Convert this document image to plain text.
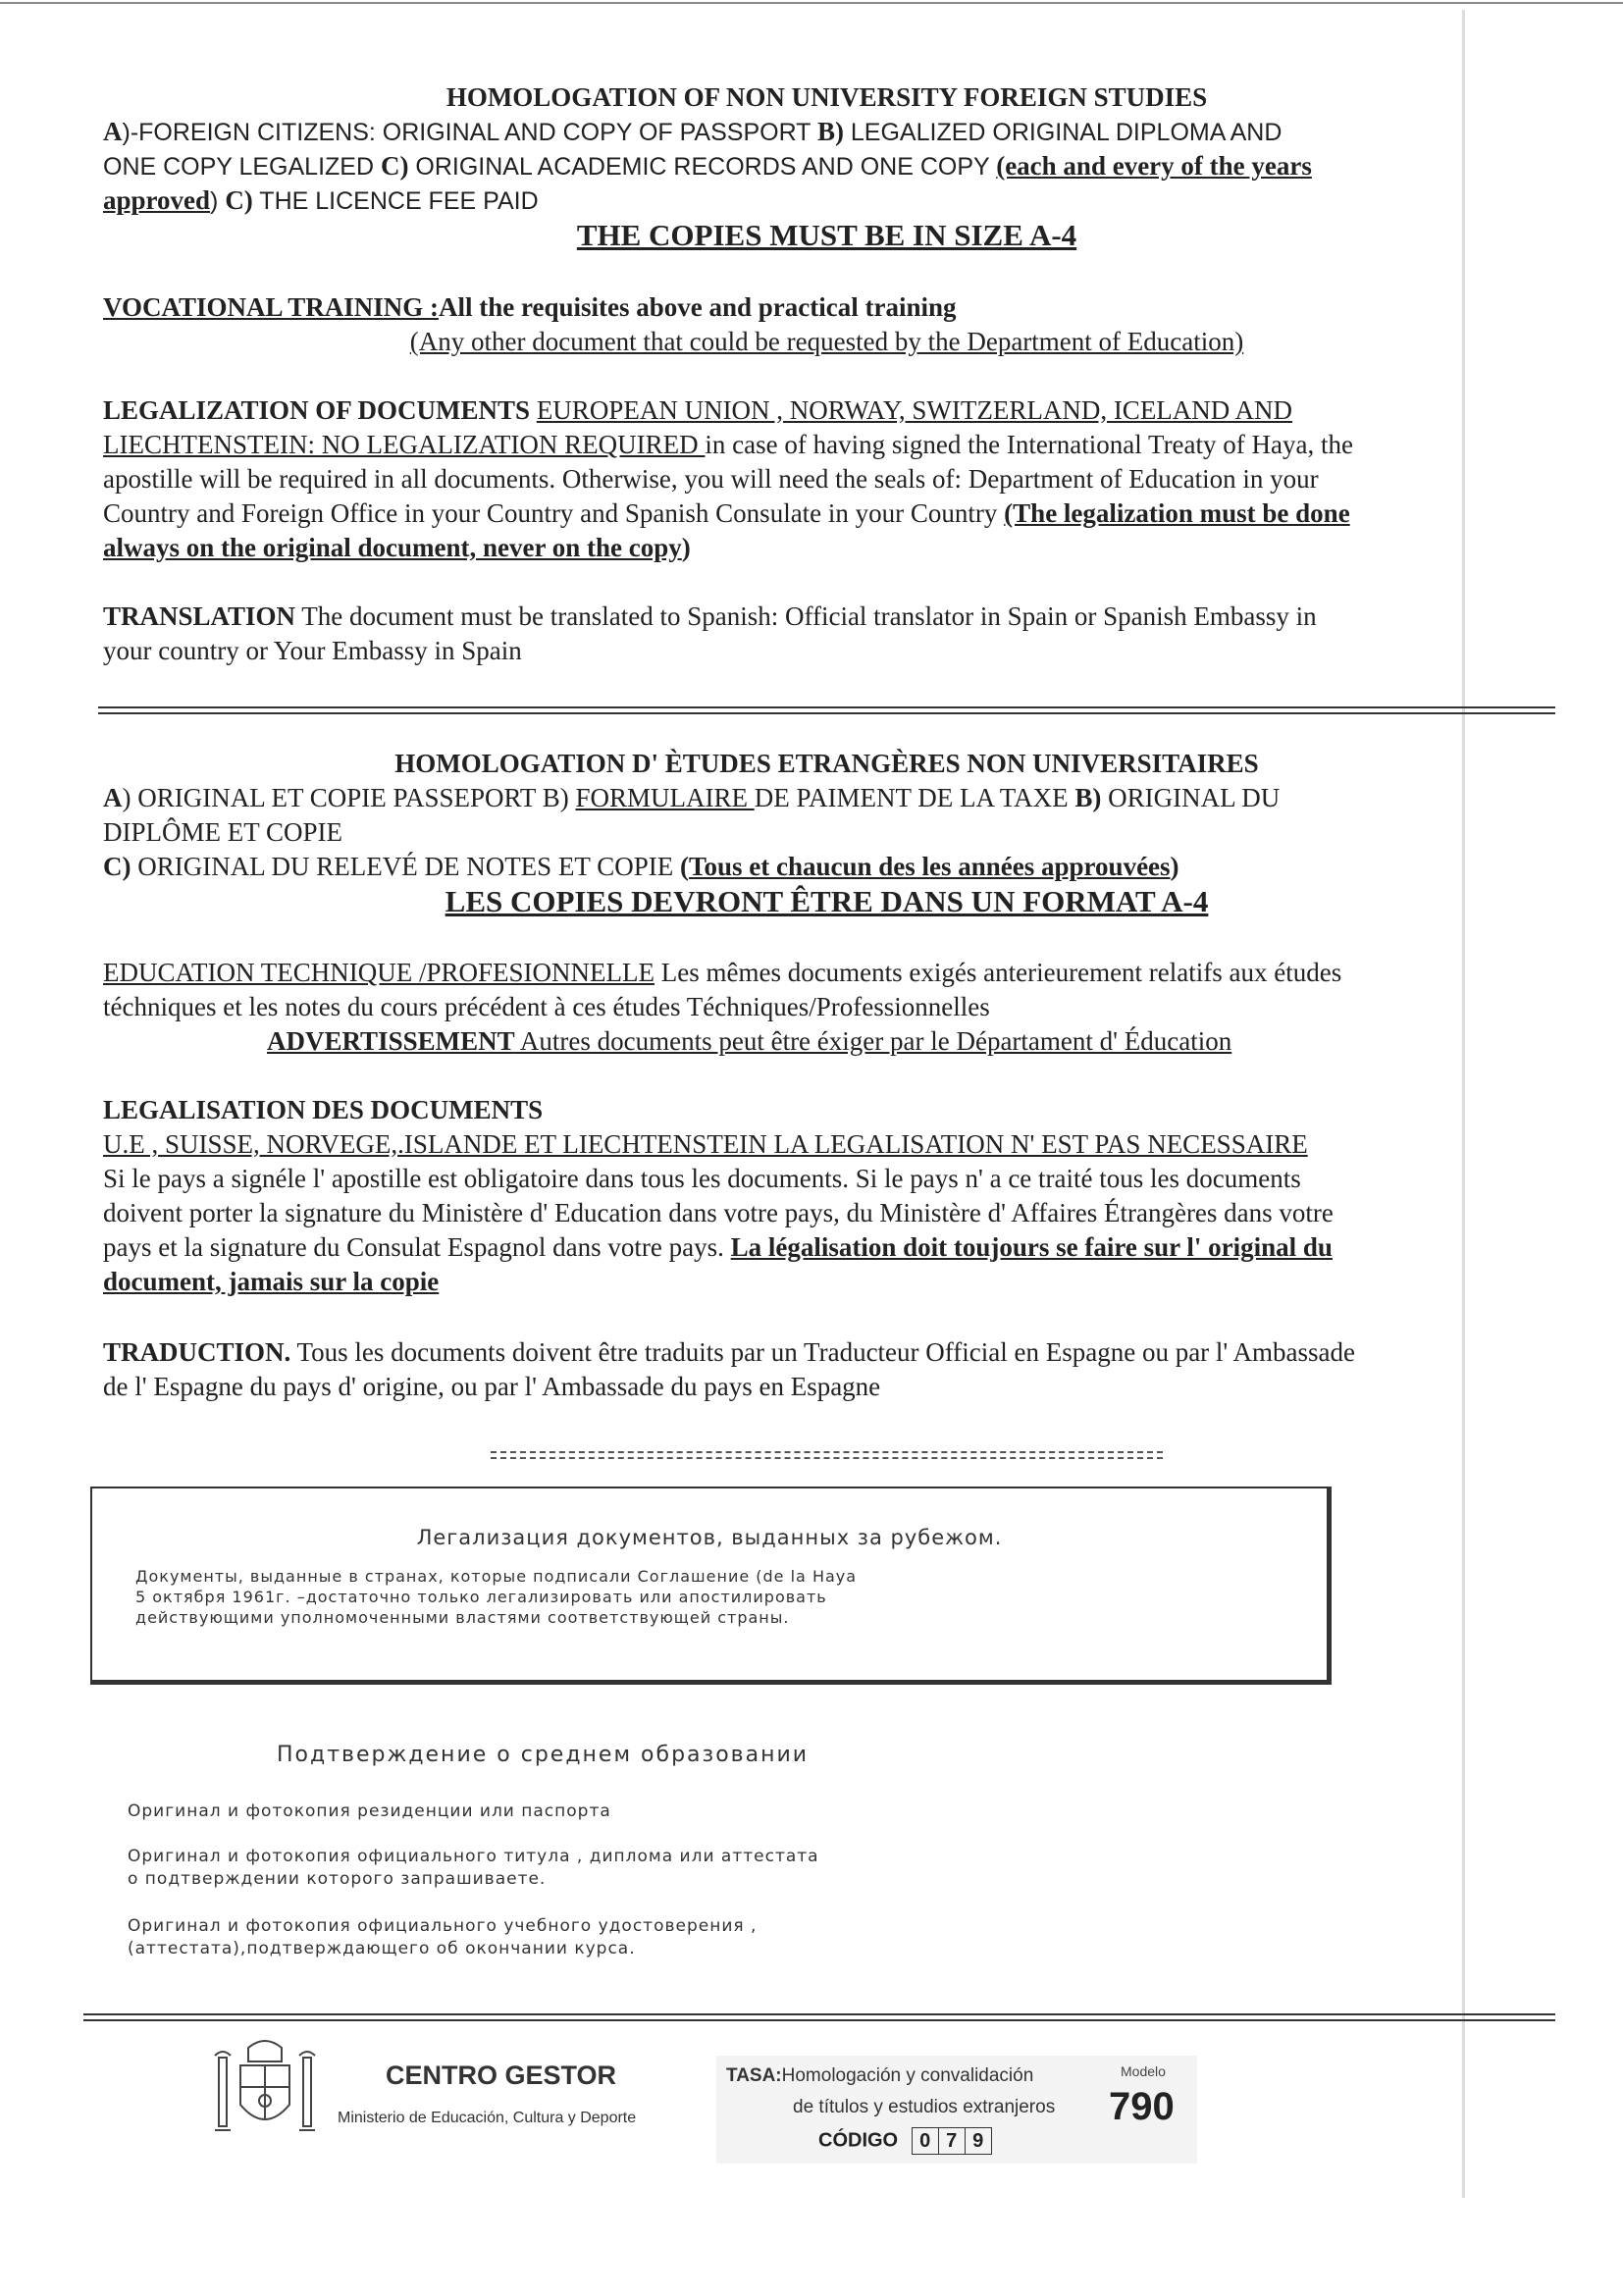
HOMOLOGATION OF NON UNIVERSITY FOREIGN STUDIES
A)-FOREIGN CITIZENS: ORIGINAL AND COPY OF PASSPORT B) LEGALIZED ORIGINAL DIPLOMA AND
ONE COPY LEGALIZED C) ORIGINAL ACADEMIC RECORDS AND ONE COPY (each and every of the years
approved) C) THE LICENCE FEE PAID
THE COPIES MUST BE IN SIZE A-4
VOCATIONAL TRAINING :All the requisites above and practical training
(Any other document that could be requested by the Department of Education)
LEGALIZATION OF DOCUMENTS EUROPEAN UNION , NORWAY, SWITZERLAND, ICELAND AND
LIECHTENSTEIN: NO LEGALIZATION REQUIRED in case of having signed the International Treaty of Haya, the
apostille will be required in all documents. Otherwise, you will need the seals of: Department of Education in your
Country and Foreign Office in your Country and Spanish Consulate in your Country (The legalization must be done
always on the original document, never on the copy)
TRANSLATION The document must be translated to Spanish: Official translator in Spain or Spanish Embassy in
your country or Your Embassy in Spain
HOMOLOGATION D' ÈTUDES ETRANGÈRES NON UNIVERSITAIRES
A) ORIGINAL ET COPIE PASSEPORT B) FORMULAIRE DE PAIMENT DE LA TAXE B) ORIGINAL DU
DIPLÔME ET COPIE
C) ORIGINAL DU RELEVÉ DE NOTES ET COPIE (Tous et chaucun des les années approuvées)
LES COPIES DEVRONT ÊTRE DANS UN FORMAT A-4
EDUCATION TECHNIQUE /PROFESIONNELLE Les mêmes documents exigés anterieurement relatifs aux études
téchniques et les notes du cours précédent à ces études Téchniques/Professionnelles
ADVERTISSEMENT Autres documents peut être éxiger par le Départament d' Éducation
LEGALISATION DES DOCUMENTS
U.E , SUISSE, NORVEGE,.ISLANDE ET LIECHTENSTEIN LA LEGALISATION N' EST PAS NECESSAIRE
Si le pays a signéle l' apostille est obligatoire dans tous les documents. Si le pays n' a ce traité tous les documents
doivent porter la signature du Ministère d' Education dans votre pays, du Ministère d' Affaires Étrangères dans votre
pays et la signature du Consulat Espagnol dans votre pays. La légalisation doit toujours se faire sur l' original du
document, jamais sur la copie
TRADUCTION. Tous les documents doivent être traduits par un Traducteur Official en Espagne ou par l' Ambassade
de l' Espagne du pays d' origine, ou par l' Ambassade du pays en Espagne
Легализация документов, выданных за рубежом.
Документы, выданные в странах, которые подписали Соглашение (de la Haya
5 октября 1961г. –достаточно только легализировать или апостилировать
действующими уполномоченными властями соответствующей страны.
Подтверждение о среднем образовании
Оригинал и фотокопия резиденции или паспорта
Оригинал и фотокопия официального титула , диплома или аттестата
о подтверждении которого запрашиваете.
Оригинал и фотокопия официального учебного удостоверения ,
(аттестата),подтверждающего об окончании курса.
CENTRO GESTOR
Ministerio de Educación, Cultura y Deporte
TASA:Homologación y convalidación
de títulos y estudios extranjeros
CÓDIGO 0 7 9
Modelo
790
